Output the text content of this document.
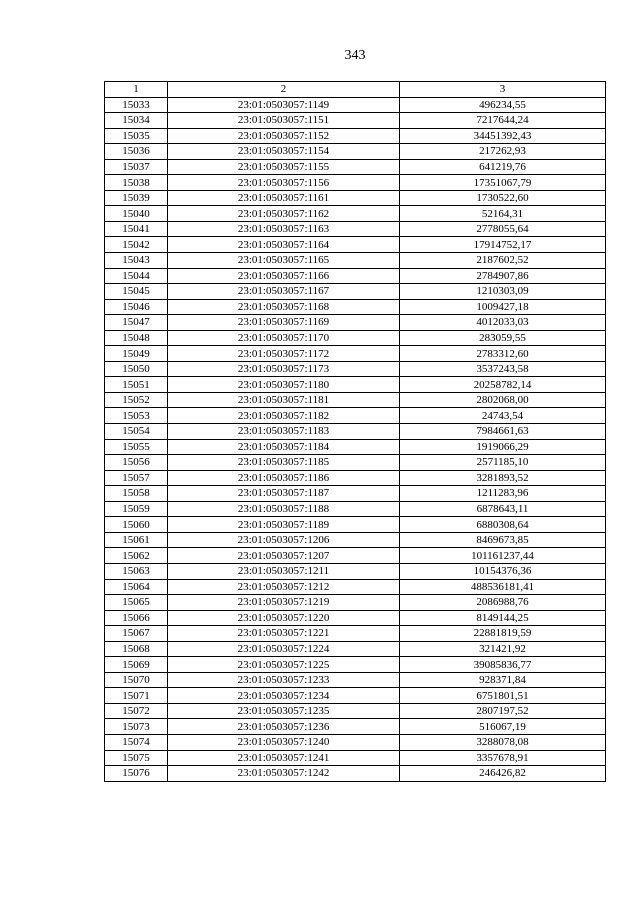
343
1	2	3
15033	23:01:0503057:1149	496234,55
15034	23:01:0503057:1151	7217644,24
15035	23:01:0503057:1152	34451392,43
15036	23:01:0503057:1154	217262,93
15037	23:01:0503057:1155	641219,76
15038	23:01:0503057:1156	17351067,79
15039	23:01:0503057:1161	1730522,60
15040	23:01:0503057:1162	52164,31
15041	23:01:0503057:1163	2778055,64
15042	23:01:0503057:1164	17914752,17
15043	23:01:0503057:1165	2187602,52
15044	23:01:0503057:1166	2784907,86
15045	23:01:0503057:1167	1210303,09
15046	23:01:0503057:1168	1009427,18
15047	23:01:0503057:1169	4012033,03
15048	23:01:0503057:1170	283059,55
15049	23:01:0503057:1172	2783312,60
15050	23:01:0503057:1173	3537243,58
15051	23:01:0503057:1180	20258782,14
15052	23:01:0503057:1181	2802068,00
15053	23:01:0503057:1182	24743,54
15054	23:01:0503057:1183	7984661,63
15055	23:01:0503057:1184	1919066,29
15056	23:01:0503057:1185	2571185,10
15057	23:01:0503057:1186	3281893,52
15058	23:01:0503057:1187	1211283,96
15059	23:01:0503057:1188	6878643,11
15060	23:01:0503057:1189	6880308,64
15061	23:01:0503057:1206	8469673,85
15062	23:01:0503057:1207	101161237,44
15063	23:01:0503057:1211	10154376,36
15064	23:01:0503057:1212	488536181,41
15065	23:01:0503057:1219	2086988,76
15066	23:01:0503057:1220	8149144,25
15067	23:01:0503057:1221	22881819,59
15068	23:01:0503057:1224	321421,92
15069	23:01:0503057:1225	39085836,77
15070	23:01:0503057:1233	928371,84
15071	23:01:0503057:1234	6751801,51
15072	23:01:0503057:1235	2807197,52
15073	23:01:0503057:1236	516067,19
15074	23:01:0503057:1240	3288078,08
15075	23:01:0503057:1241	3357678,91
15076	23:01:0503057:1242	246426,82
